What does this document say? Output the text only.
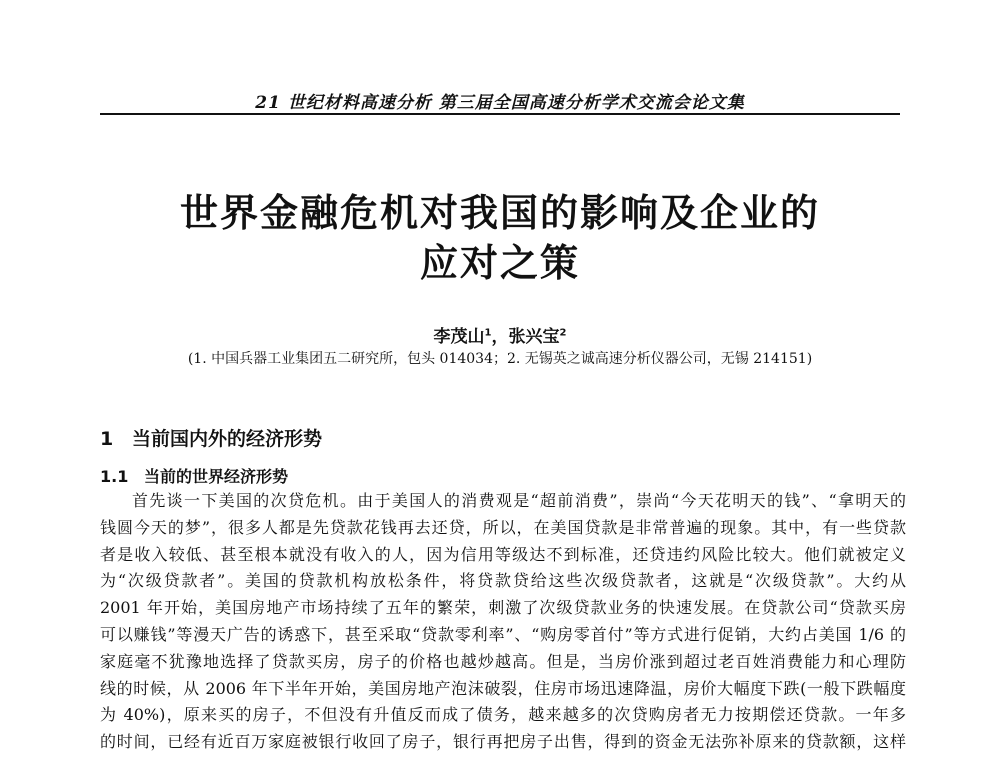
21 世纪材料高速分析 第三届全国高速分析学术交流会论文集
世界金融危机对我国的影响及企业的
应对之策
李茂山$^1$，张兴宝$^2$
(1. 中国兵器工业集团五二研究所，包头 014034；2. 无锡英之诚高速分析仪器公司，无锡 214151)
1 当前国内外的经济形势
1.1 当前的世界经济形势
首先谈一下美国的次贷危机。由于美国人的消费观是“超前消费”，崇尚“今天花明天的钱”、“拿明天的
钱圆今天的梦”，很多人都是先贷款花钱再去还贷，所以，在美国贷款是非常普遍的现象。其中，有一些贷款
者是收入较低、甚至根本就没有收入的人，因为信用等级达不到标准，还贷违约风险比较大。他们就被定义
为“次级贷款者”。美国的贷款机构放松条件，将贷款贷给这些次级贷款者，这就是“次级贷款”。大约从
2001 年开始，美国房地产市场持续了五年的繁荣，刺激了次级贷款业务的快速发展。在贷款公司“贷款买房
可以赚钱”等漫天广告的诱惑下，甚至采取“贷款零利率”、“购房零首付”等方式进行促销，大约占美国 1/6 的
家庭毫不犹豫地选择了贷款买房，房子的价格也越炒越高。但是，当房价涨到超过老百姓消费能力和心理防
线的时候，从 2006 年下半年开始，美国房地产泡沫破裂，住房市场迅速降温，房价大幅度下跌(一般下跌幅度
为 40%)，原来买的房子，不但没有升值反而成了债务，越来越多的次贷购房者无力按期偿还贷款。一年多
的时间，已经有近百万家庭被银行收回了房子，银行再把房子出售，得到的资金无法弥补原来的贷款额，这样
